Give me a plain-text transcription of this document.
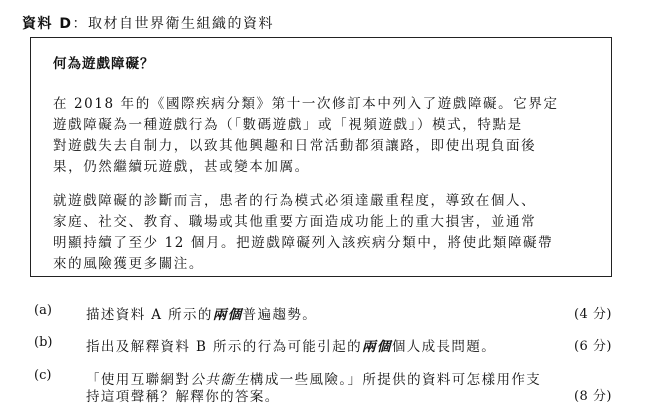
資料 D：取材自世界衛生組織的資料
何為遊戲障礙？
在 2018 年的《國際疾病分類》第十一次修訂本中列入了遊戲障礙。它界定
遊戲障礙為一種遊戲行為（「數碼遊戲」或「視頻遊戲」）模式，特點是
對遊戲失去自制力，以致其他興趣和日常活動都須讓路，即使出現負面後
果，仍然繼續玩遊戲，甚或變本加厲。
就遊戲障礙的診斷而言，患者的行為模式必須達嚴重程度，導致在個人、
家庭、社交、教育、職場或其他重要方面造成功能上的重大損害，並通常
明顯持續了至少 12 個月。把遊戲障礙列入該疾病分類中，將使此類障礙帶
來的風險獲更多關注。
(a)	描述資料 A 所示的兩個普遍趨勢。	(4 分)
(b) 指出及解釋資料 B 所示的行為可能引起的兩個個人成長問題。	(6 分)
(c)	「使用互聯網對公共衞生構成一些風險。」所提供的資料可怎樣用作支
持這項聲稱？解釋你的答案。	(8 分)
